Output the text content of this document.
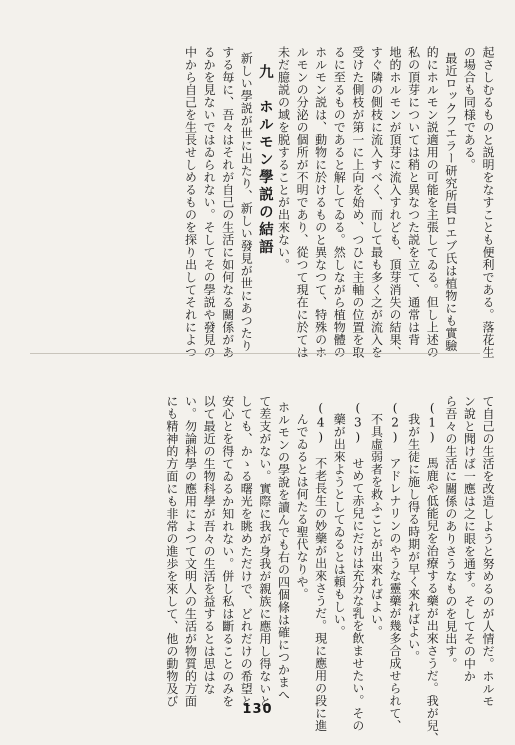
起さしむるものと説明をなすことも便利である。落花生の場合も同様である。最近ロックフエラー研究所員ロエブ氏は植物にも實驗的にホルモン説適用の可能を主張してゐる。但し上述の私の頂芽については稍と異なつた説を立て、通常は背地的ホルモンが頂芽に流入すれども、頂芽消失の結果、すぐ隣の側枝に流入すべく、而して最も多く之が流入を受けた側枝が第一に上向を始め、つひに主軸の位置を取るに至るものであると解してゐる。然しながら植物體のホルモン説は、動物に於けるものと異なつて、特殊のホルモンの分泌の個所が不明であり、從つて現在に於ては未だ臆説の域を脱することが出來ない。九　ホルモン學説の結語新しい學説が世に出たり、新しい發見が世にあつたりする毎に、吾々はそれが自己の生活に如何なる關係があるかを見ないではゐられない。そしてその學説や發見の中から自己を生長せしめるものを探り出してそれによつ
て自己の生活を改造しようと努めるのが人情だ。ホルモン說と聞けば一應は之に眼を通す。そしてその中から吾々の生活に關係のありさうなものを見出す。(1)　馬鹿や低能兒を治療する藥が出來さうだ。我が兒、我が生徒に施し得る時期が早く來ればよい。(2)　アドレナリンのやうな靈藥が幾多合成せられて、不具虛弱者を救ふことが出來ればよい。(3)　せめて赤兒にだけは充分な乳を飲ませたい。その藥が出來ようとしてゐるとは頼もしい。(4)　不老長生の妙藥が出來さうだ。現に應用の段に進んでゐるとは何たる聖代なりや。ホルモンの學說を讀んでも右の四個條は確につかまへて差支がない。實際に我が身我が親族に應用し得ないとしても、かゝる曙光を眺めただけで、どれだけの希望と安心とを得てゐるか知れない。併し私は斷ることのみを以て最近の生物科學が吾々の生活を益するとは思はない。勿論科學の應用によつて文明人の生活が物質的方面にも精神的方面にも非常の進歩を來して、他の動物及び
130
